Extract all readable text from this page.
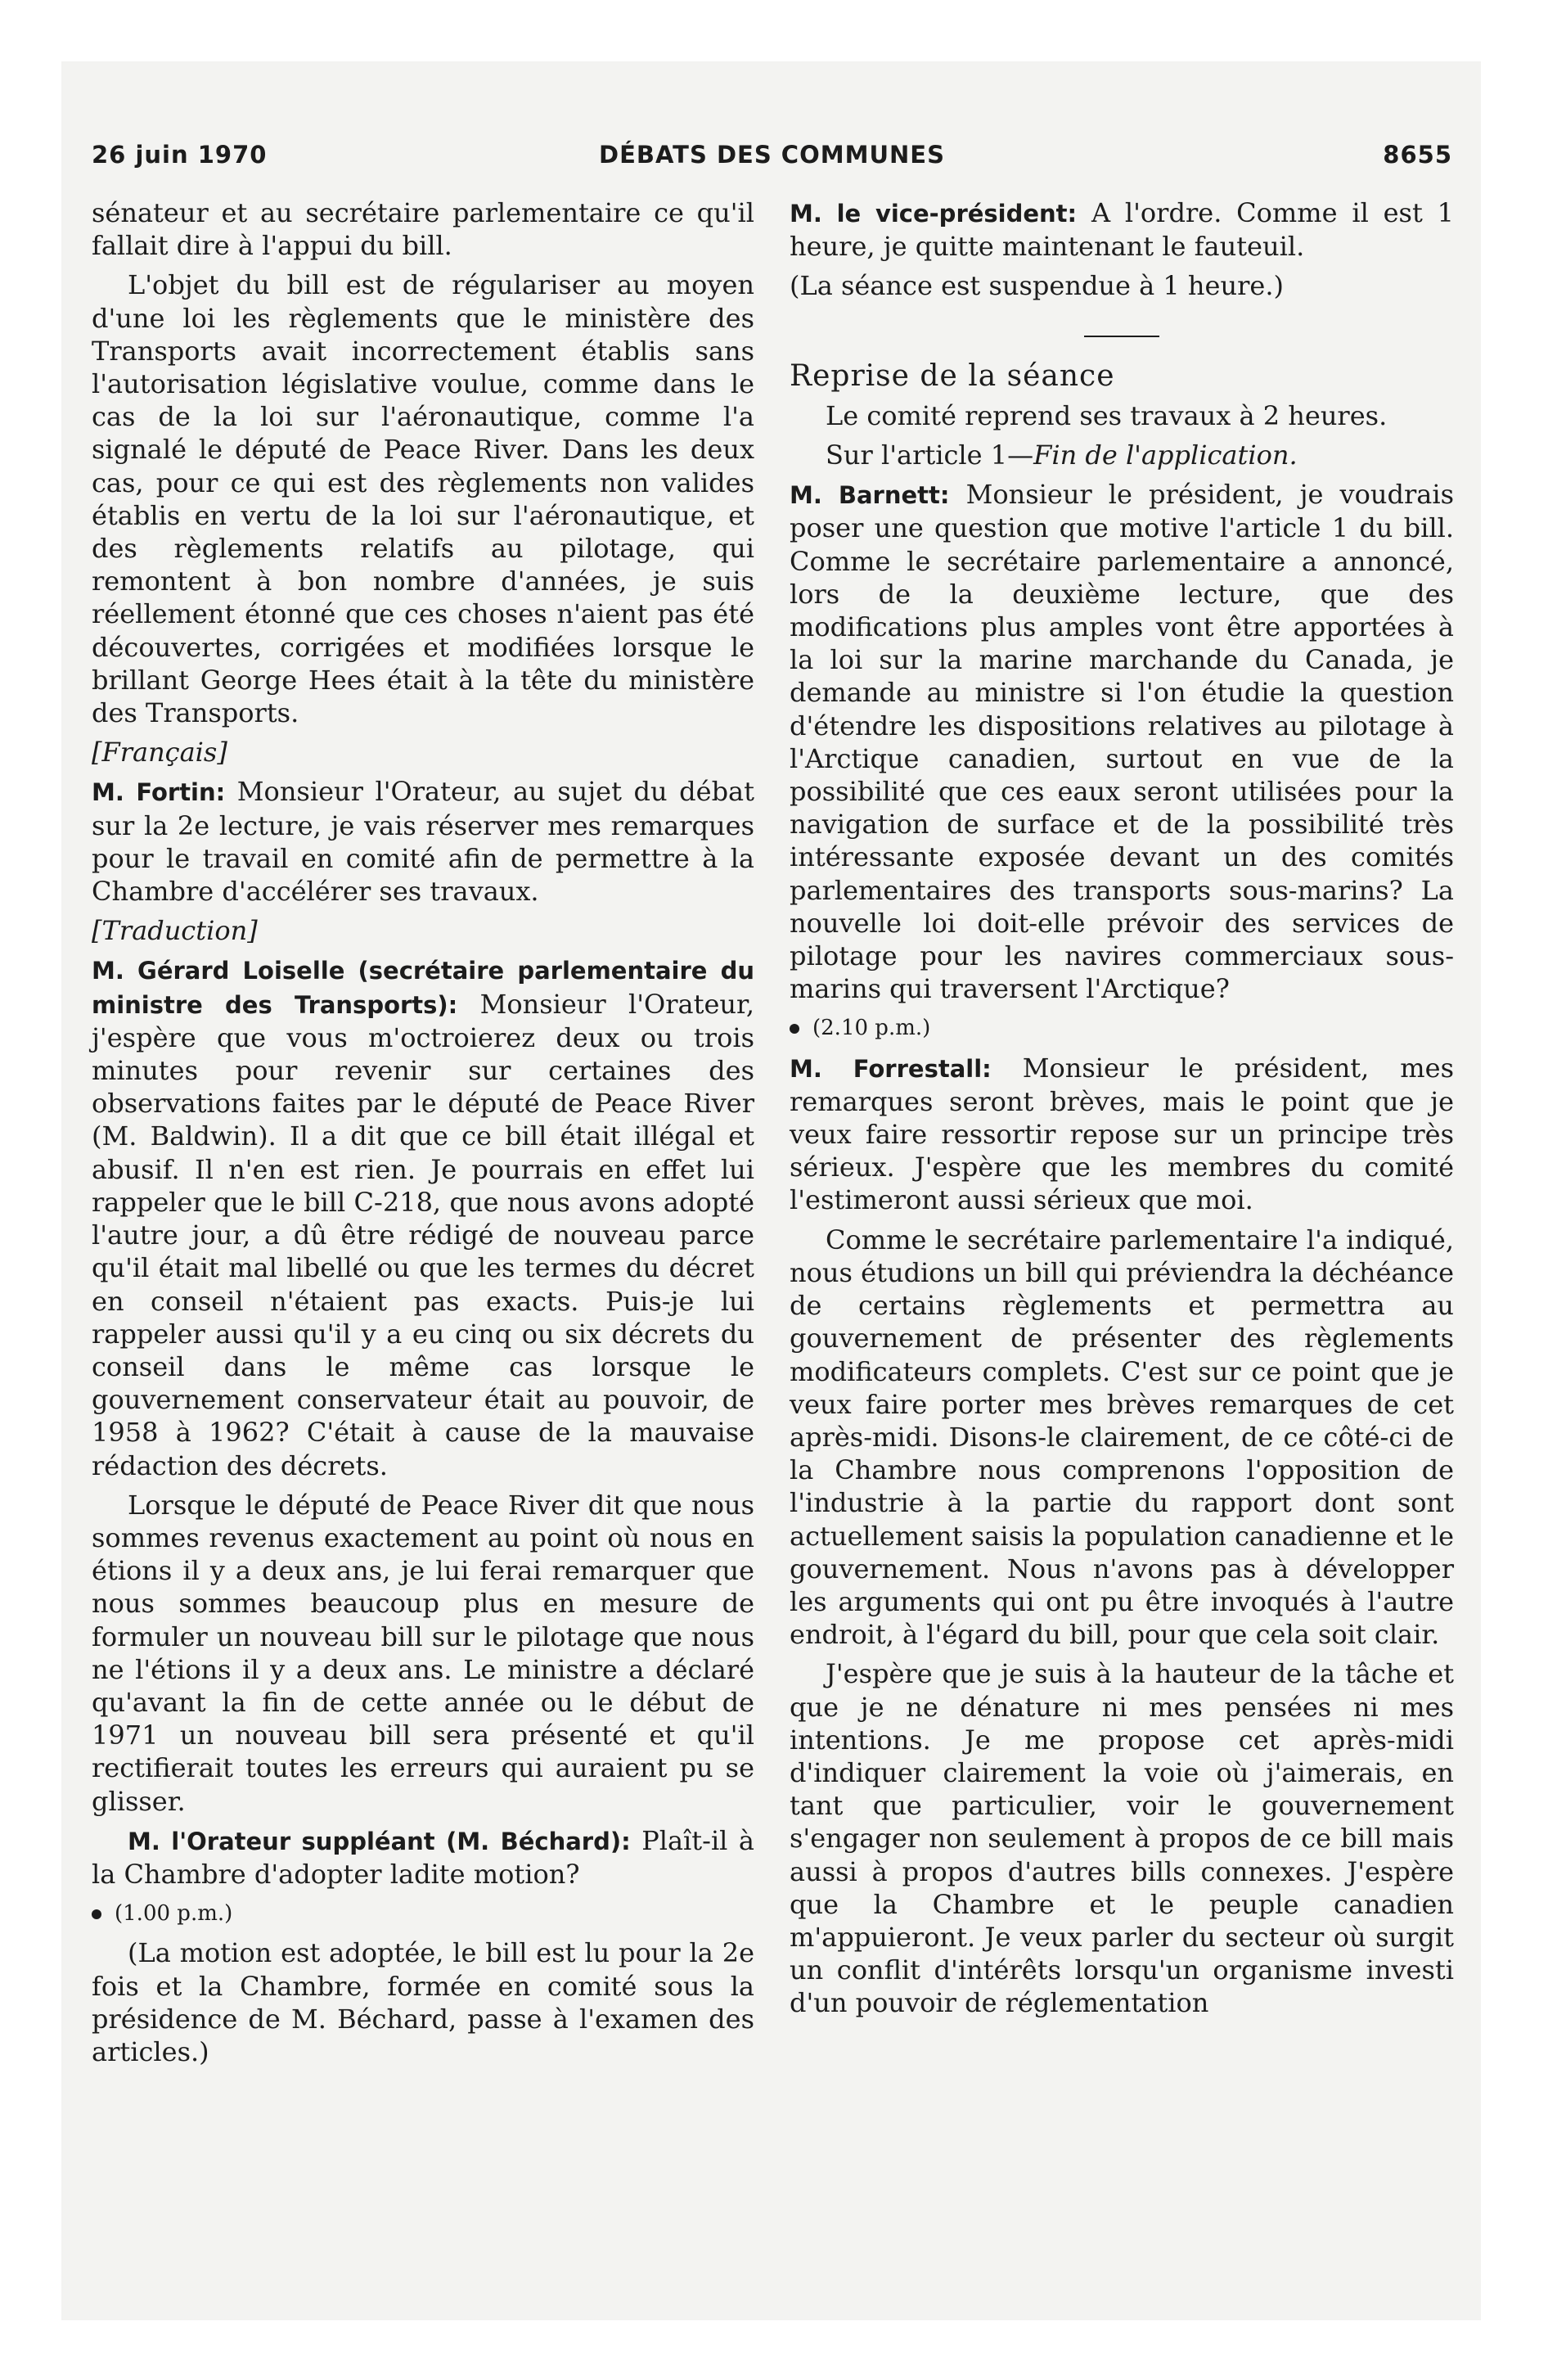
26 juin 1970	DÉBATS DES COMMUNES	8655

sénateur et au secrétaire parlementaire ce qu'il fallait dire à l'appui du bill.

L'objet du bill est de régulariser au moyen d'une loi les règlements que le ministère des Transports avait incorrectement établis sans l'autorisation législative voulue, comme dans le cas de la loi sur l'aéronautique, comme l'a signalé le député de Peace River. Dans les deux cas, pour ce qui est des règlements non valides établis en vertu de la loi sur l'aéronautique, et des règlements relatifs au pilotage, qui remontent à bon nombre d'années, je suis réellement étonné que ces choses n'aient pas été découvertes, corrigées et modifiées lorsque le brillant George Hees était à la tête du ministère des Transports.

[Français]

M. Fortin: Monsieur l'Orateur, au sujet du débat sur la 2e lecture, je vais réserver mes remarques pour le travail en comité afin de permettre à la Chambre d'accélérer ses travaux.

[Traduction]

M. Gérard Loiselle (secrétaire parlementaire du ministre des Transports): Monsieur l'Orateur, j'espère que vous m'octroierez deux ou trois minutes pour revenir sur certaines des observations faites par le député de Peace River (M. Baldwin). Il a dit que ce bill était illégal et abusif. Il n'en est rien. Je pourrais en effet lui rappeler que le bill C-218, que nous avons adopté l'autre jour, a dû être rédigé de nouveau parce qu'il était mal libellé ou que les termes du décret en conseil n'étaient pas exacts. Puis-je lui rappeler aussi qu'il y a eu cinq ou six décrets du conseil dans le même cas lorsque le gouvernement conservateur était au pouvoir, de 1958 à 1962? C'était à cause de la mauvaise rédaction des décrets.

Lorsque le député de Peace River dit que nous sommes revenus exactement au point où nous en étions il y a deux ans, je lui ferai remarquer que nous sommes beaucoup plus en mesure de formuler un nouveau bill sur le pilotage que nous ne l'étions il y a deux ans. Le ministre a déclaré qu'avant la fin de cette année ou le début de 1971 un nouveau bill sera présenté et qu'il rectifierait toutes les erreurs qui auraient pu se glisser.

M. l'Orateur suppléant (M. Béchard): Plaît-il à la Chambre d'adopter ladite motion?

(1.00 p.m.)

(La motion est adoptée, le bill est lu pour la 2e fois et la Chambre, formée en comité sous la présidence de M. Béchard, passe à l'examen des articles.)

M. le vice-président: A l'ordre. Comme il est 1 heure, je quitte maintenant le fauteuil.

(La séance est suspendue à 1 heure.)

Reprise de la séance

Le comité reprend ses travaux à 2 heures.

Sur l'article 1—Fin de l'application.

M. Barnett: Monsieur le président, je voudrais poser une question que motive l'article 1 du bill. Comme le secrétaire parlementaire a annoncé, lors de la deuxième lecture, que des modifications plus amples vont être apportées à la loi sur la marine marchande du Canada, je demande au ministre si l'on étudie la question d'étendre les dispositions relatives au pilotage à l'Arctique canadien, surtout en vue de la possibilité que ces eaux seront utilisées pour la navigation de surface et de la possibilité très intéressante exposée devant un des comités parlementaires des transports sous-marins? La nouvelle loi doit-elle prévoir des services de pilotage pour les navires commerciaux sous-marins qui traversent l'Arctique?

(2.10 p.m.)

M. Forrestall: Monsieur le président, mes remarques seront brèves, mais le point que je veux faire ressortir repose sur un principe très sérieux. J'espère que les membres du comité l'estimeront aussi sérieux que moi.

Comme le secrétaire parlementaire l'a indiqué, nous étudions un bill qui préviendra la déchéance de certains règlements et permettra au gouvernement de présenter des règlements modificateurs complets. C'est sur ce point que je veux faire porter mes brèves remarques de cet après-midi. Disons-le clairement, de ce côté-ci de la Chambre nous comprenons l'opposition de l'industrie à la partie du rapport dont sont actuellement saisis la population canadienne et le gouvernement. Nous n'avons pas à développer les arguments qui ont pu être invoqués à l'autre endroit, à l'égard du bill, pour que cela soit clair.

J'espère que je suis à la hauteur de la tâche et que je ne dénature ni mes pensées ni mes intentions. Je me propose cet après-midi d'indiquer clairement la voie où j'aimerais, en tant que particulier, voir le gouvernement s'engager non seulement à propos de ce bill mais aussi à propos d'autres bills connexes. J'espère que la Chambre et le peuple canadien m'appuieront. Je veux parler du secteur où surgit un conflit d'intérêts lorsqu'un organisme investi d'un pouvoir de réglementation
